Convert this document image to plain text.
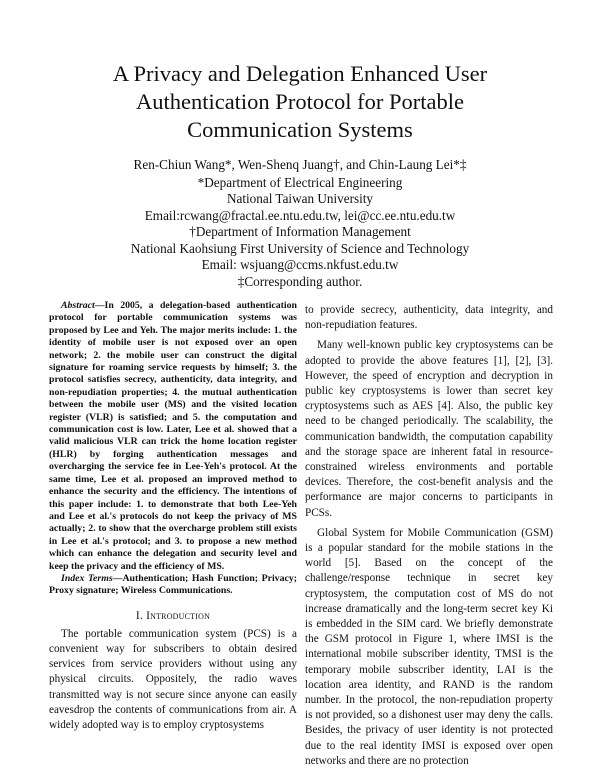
A Privacy and Delegation Enhanced User
Authentication Protocol for Portable
Communication Systems
Ren-Chiun Wang*, Wen-Shenq Juang†, and Chin-Laung Lei*‡
*Department of Electrical Engineering
National Taiwan University
Email:rcwang@fractal.ee.ntu.edu.tw, lei@cc.ee.ntu.edu.tw
†Department of Information Management
National Kaohsiung First University of Science and Technology
Email: wsjuang@ccms.nkfust.edu.tw
‡Corresponding author.
Abstract—In 2005, a delegation-based authentication protocol for portable communication systems was proposed by Lee and Yeh. The major merits include: 1. the identity of mobile user is not exposed over an open network; 2. the mobile user can construct the digital signature for roaming service requests by himself; 3. the protocol satisfies secrecy, authenticity, data integrity, and non-repudiation properties; 4. the mutual authentication between the mobile user (MS) and the visited location register (VLR) is satisfied; and 5. the computation and communication cost is low. Later, Lee et al. showed that a valid malicious VLR can trick the home location register (HLR) by forging authentication messages and overcharging the service fee in Lee-Yeh's protocol. At the same time, Lee et al. proposed an improved method to enhance the security and the efficiency. The intentions of this paper include: 1. to demonstrate that both Lee-Yeh and Lee et al.'s protocols do not keep the privacy of MS actually; 2. to show that the overcharge problem still exists in Lee et al.'s protocol; and 3. to propose a new method which can enhance the delegation and security level and keep the privacy and the efficiency of MS.
Index Terms—Authentication; Hash Function; Privacy; Proxy signature; Wireless Communications.
I. Introduction

The portable communication system (PCS) is a convenient way for subscribers to obtain desired services from service providers without using any physical circuits. Oppositely, the radio waves transmitted way is not secure since anyone can easily eavesdrop the contents of communications from air. A widely adopted way is to employ cryptosystems

to provide secrecy, authenticity, data integrity, and non-repudiation features.

Many well-known public key cryptosystems can be adopted to provide the above features [1], [2], [3]. However, the speed of encryption and decryption in public key cryptosystems is lower than secret key cryptosystems such as AES [4]. Also, the public key need to be changed periodically. The scalability, the communication bandwidth, the computation capability and the storage space are inherent fatal in resource-constrained wireless environments and portable devices. Therefore, the cost-benefit analysis and the performance are major concerns to participants in PCSs.

Global System for Mobile Communication (GSM) is a popular standard for the mobile stations in the world [5]. Based on the concept of the challenge/response technique in secret key cryptosystem, the computation cost of MS do not increase dramatically and the long-term secret key Ki is embedded in the SIM card. We briefly demonstrate the GSM protocol in Figure 1, where IMSI is the international mobile subscriber identity, TMSI is the temporary mobile subscriber identity, LAI is the location area identity, and RAND is the random number. In the protocol, the non-repudiation property is not provided, so a dishonest user may deny the calls. Besides, the privacy of user identity is not protected due to the real identity IMSI is exposed over open networks and there are no protection
